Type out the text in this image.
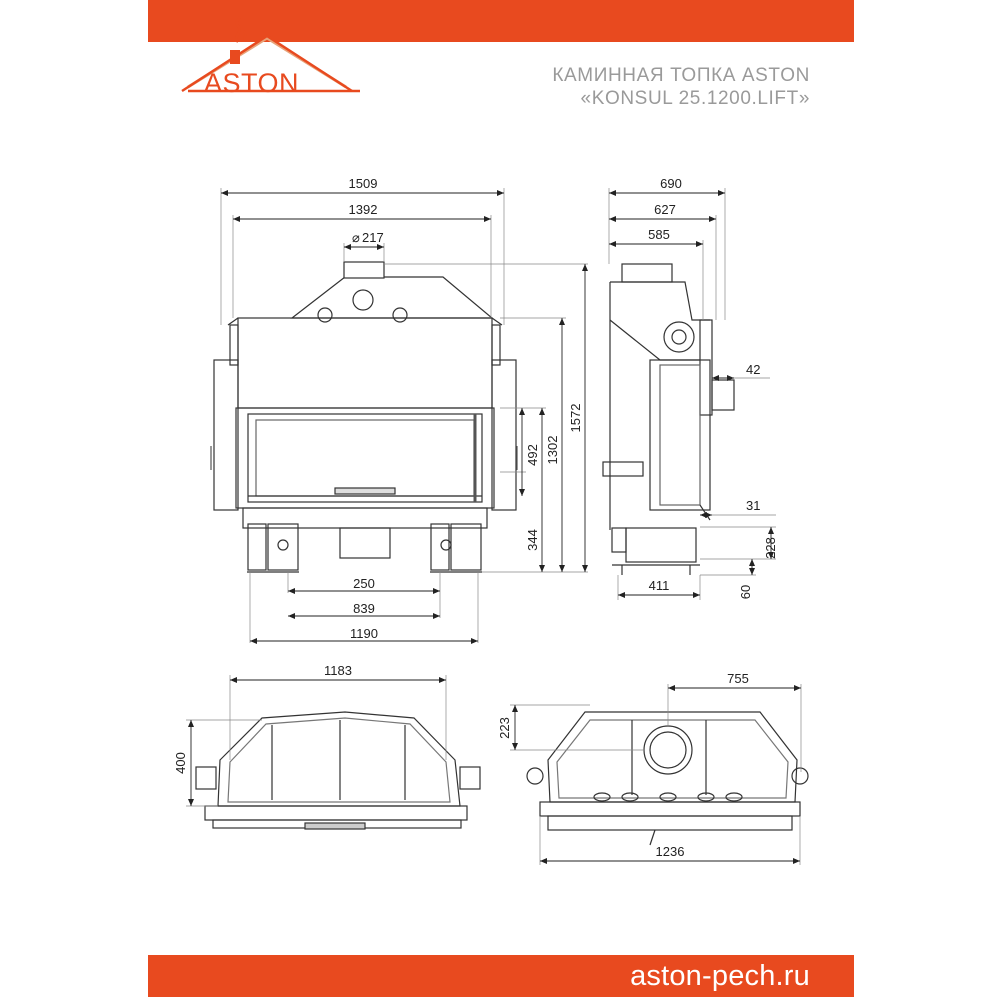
ASTON	КАМИННАЯ ТОПКА ASTON
«KONSUL 25.1200.LIFT»
1509
1392
⌀ 217
1572
1302
492
344
250
839
1190
690
627
585
42
31
228
411	60
1183
400
755
223
1236
aston-pech.ru
